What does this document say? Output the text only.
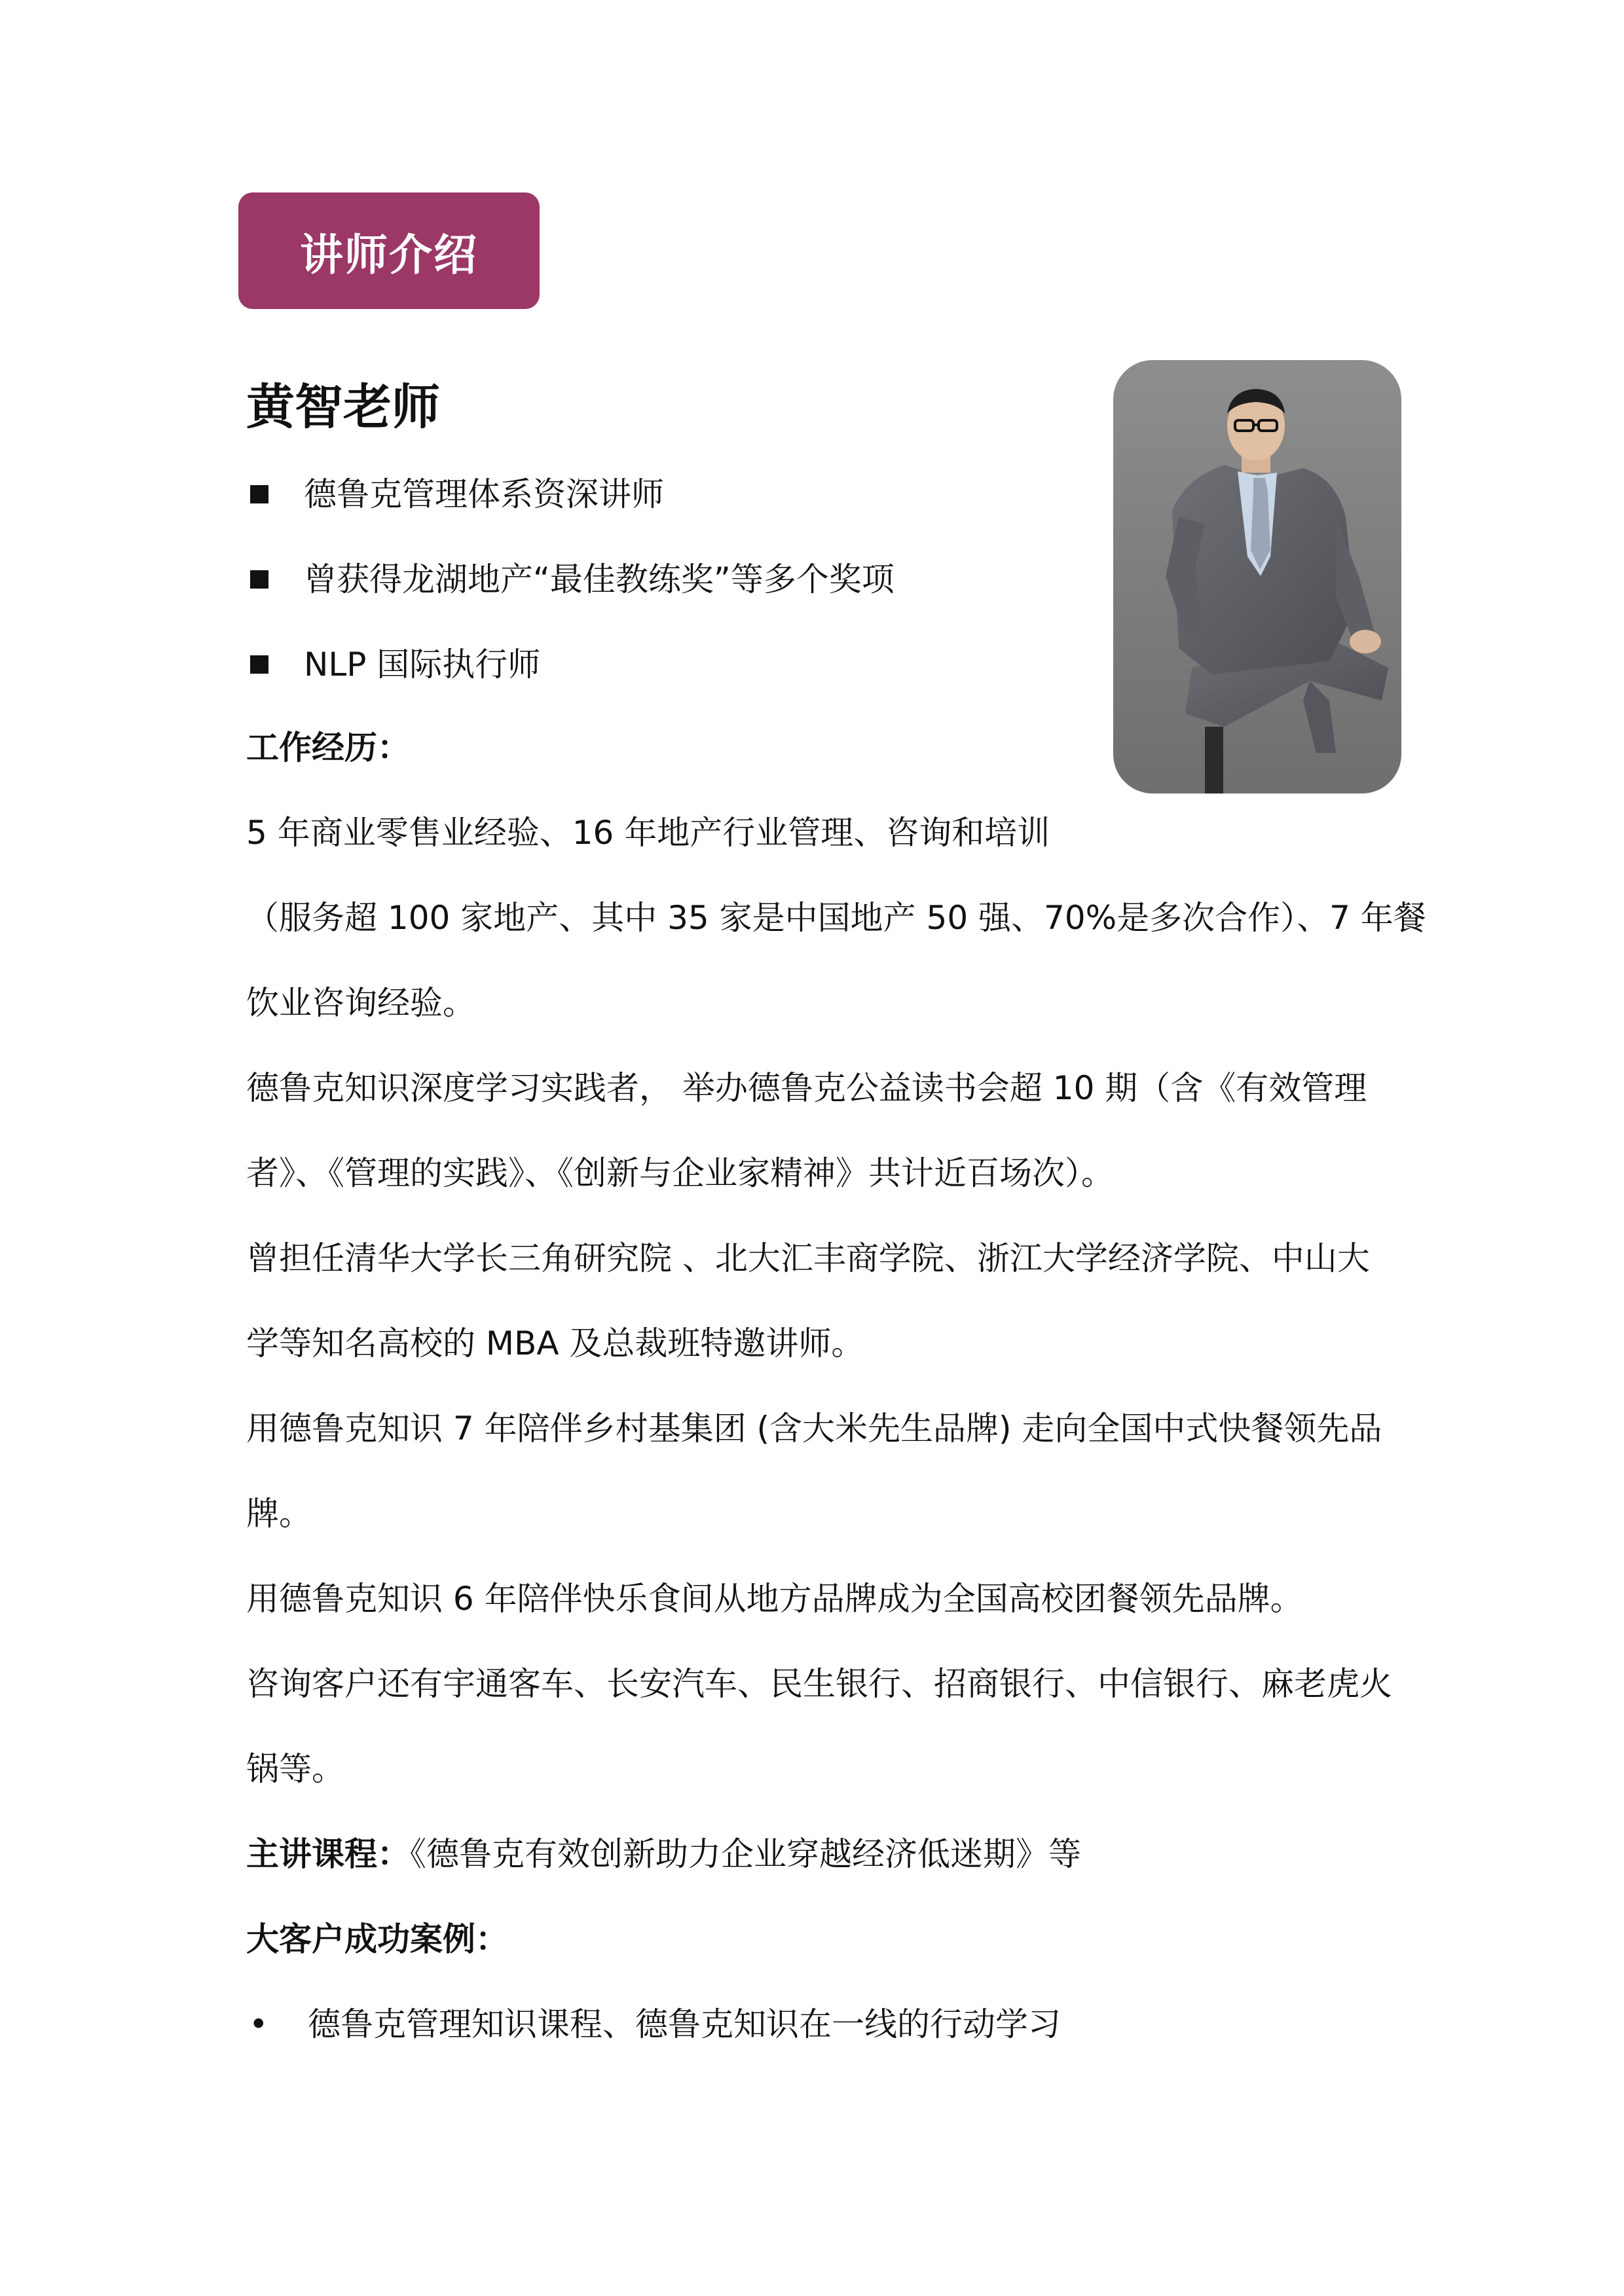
讲师介绍
黄智老师
德鲁克管理体系资深讲师
曾获得龙湖地产“最佳教练奖”等多个奖项
NLP 国际执行师
工作经历：
5 年商业零售业经验、16 年地产行业管理、咨询和培训
（服务超 100 家地产、其中 35 家是中国地产 50 强、70%是多次合作）、7 年餐
饮业咨询经验。
德鲁克知识深度学习实践者， 举办德鲁克公益读书会超 10 期（含《有效管理
者》、《管理的实践》、《创新与企业家精神》共计近百场次）。
曾担任清华大学长三角研究院 、北大汇丰商学院、浙江大学经济学院、中山大
学等知名高校的 MBA 及总裁班特邀讲师。
用德鲁克知识 7 年陪伴乡村基集团 (含大米先生品牌) 走向全国中式快餐领先品
牌。
用德鲁克知识 6 年陪伴快乐食间从地方品牌成为全国高校团餐领先品牌。
咨询客户还有宇通客车、长安汽车、民生银行、招商银行、中信银行、麻老虎火
锅等。
主讲课程：《德鲁克有效创新助力企业穿越经济低迷期》等
大客户成功案例：
• 德鲁克管理知识课程、德鲁克知识在一线的行动学习
